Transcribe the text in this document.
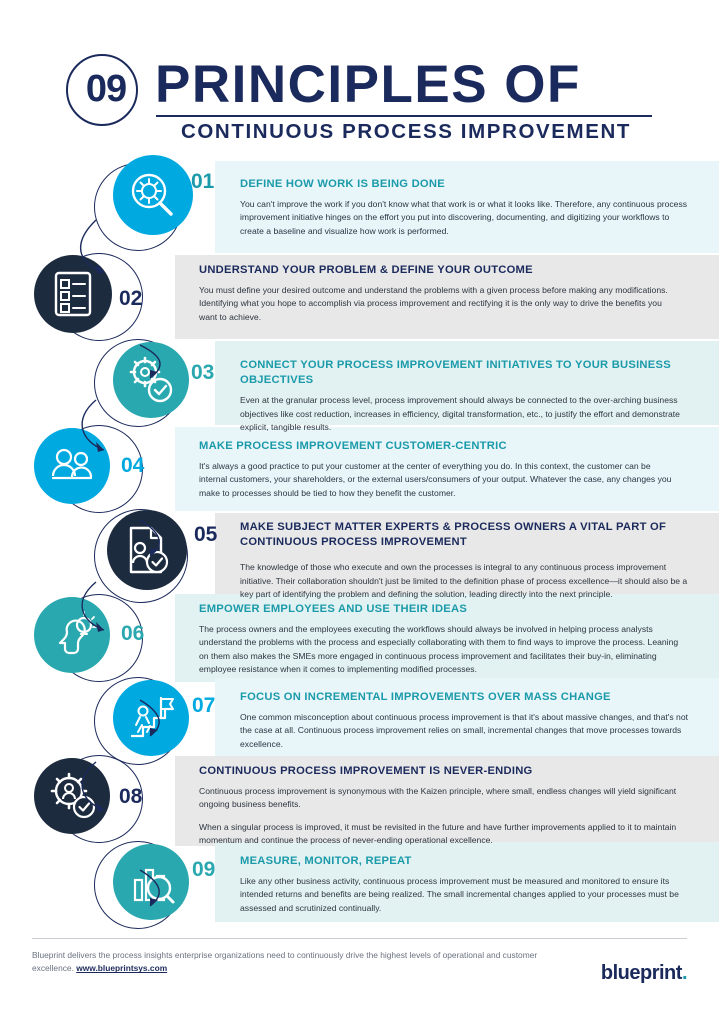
09 PRINCIPLES OF
CONTINUOUS PROCESS IMPROVEMENT
01 DEFINE HOW WORK IS BEING DONE

You can't improve the work if you don't know what that work is or what it looks like. Therefore, any continuous process improvement initiative hinges on the effort you put into discovering, documenting, and digitizing your workflows to create a baseline and visualize how work is performed.

02
UNDERSTAND YOUR PROBLEM & DEFINE YOUR OUTCOME

You must define your desired outcome and understand the problems with a given process before making any modifications. Identifying what you hope to accomplish via process improvement and rectifying it is the only way to drive the benefits you want to achieve.

03 CONNECT YOUR PROCESS IMPROVEMENT INITIATIVES TO YOUR BUSINESS OBJECTIVES

Even at the granular process level, process improvement should always be connected to the over-arching business objectives like cost reduction, increases in efficiency, digital transformation, etc., to justify the effort and demonstrate explicit, tangible results.

04
MAKE PROCESS IMPROVEMENT CUSTOMER-CENTRIC

It's always a good practice to put your customer at the center of everything you do. In this context, the customer can be internal customers, your shareholders, or the external users/consumers of your output. Whatever the case, any changes you make to processes should be tied to how they benefit the customer.

05 MAKE SUBJECT MATTER EXPERTS & PROCESS OWNERS A VITAL PART OF CONTINUOUS PROCESS IMPROVEMENT

The knowledge of those who execute and own the processes is integral to any continuous process improvement initiative. Their collaboration shouldn't just be limited to the definition phase of process excellence—it should also be a key part of identifying the problem and defining the solution, leading directly into the next principle.

06
EMPOWER EMPLOYEES AND USE THEIR IDEAS

The process owners and the employees executing the workflows should always be involved in helping process analysts understand the problems with the process and especially collaborating with them to find ways to improve the process. Leaning on them also makes the SMEs more engaged in continuous process improvement and facilitates their buy-in, eliminating employee resistance when it comes to implementing modified processes.

07 FOCUS ON INCREMENTAL IMPROVEMENTS OVER MASS CHANGE

One common misconception about continuous process improvement is that it's about massive changes, and that's not the case at all. Continuous process improvement relies on small, incremental changes that move processes towards excellence.

08
CONTINUOUS PROCESS IMPROVEMENT IS NEVER-ENDING

Continuous process improvement is synonymous with the Kaizen principle, where small, endless changes will yield significant ongoing business benefits.

When a singular process is improved, it must be revisited in the future and have further improvements applied to it to maintain momentum and continue the process of never-ending operational excellence.

09 MEASURE, MONITOR, REPEAT

Like any other business activity, continuous process improvement must be measured and monitored to ensure its intended returns and benefits are being realized. The small incremental changes applied to your processes must be assessed and scrutinized continually.

Blueprint delivers the process insights enterprise organizations need to continuously drive the highest levels of operational and customer excellence. www.blueprintsys.com	blueprint.
